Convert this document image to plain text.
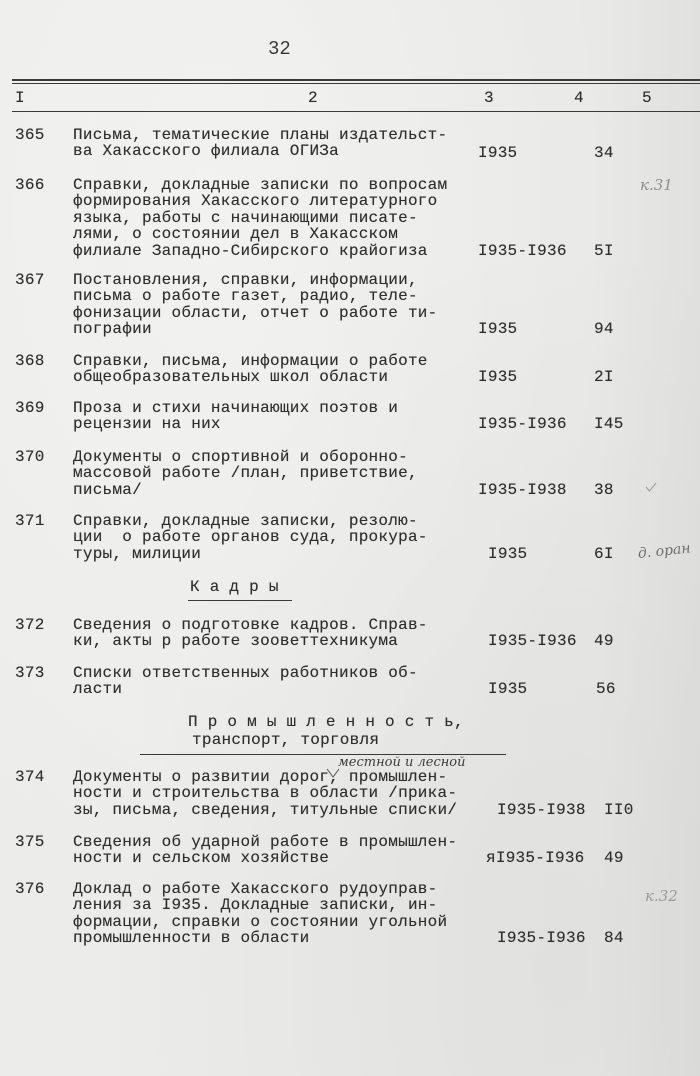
32
I	2	3	4	5
365 Письма, тематические планы издательст-
ва Хакасского филиала ОГИЗа	I935	34
366 Справки, докладные записки по вопросам
формирования Хакасского литературного
языка, работы с начинающими писате-
лями, о состоянии дел в Хакасском
филиале Западно-Сибирского крайогиза	I935-I936 5I
367 Постановления, справки, информации,
письма о работе газет, радио, теле-
фонизации области, отчет о работе ти-
пографии	I935	94
368 Справки, письма, информации о работе
общеобразовательных школ области	I935	2I
369 Проза и стихи начинающих поэтов и
рецензии на них	I935-I936 I45
370 Документы о спортивной и оборонно-
массовой работе /план, приветствие,
письма/	I935-I938 38
371 Справки, докладные записки, резолю-
ции  о работе органов суда, прокура-
туры, милиции	I935	6I
К а д р ы
372 Сведения о подготовке кадров. Справ-
ки, акты р работе зооветтехникума	I935-I936 49
373 Списки ответственных работников об-
ласти	I935	56
П р о м ы ш л е н н о с т ь,
транспорт, торговля
местной и лесной
374 Документы о развитии дорог, промышлен-
ности и строительства в области /прика-
зы, письма, сведения, титульные списки/ I935-I938 II0
375 Сведения об ударной работе в промышлен-
ности и сельском хозяйстве	яI935-I936 49
376 Доклад о работе Хакасского рудоуправ-
ления за I935. Докладные записки, ин-
формации, справки о состоянии угольной
промышленности в области	I935-I936 84
к.31
д. оран
к.32
